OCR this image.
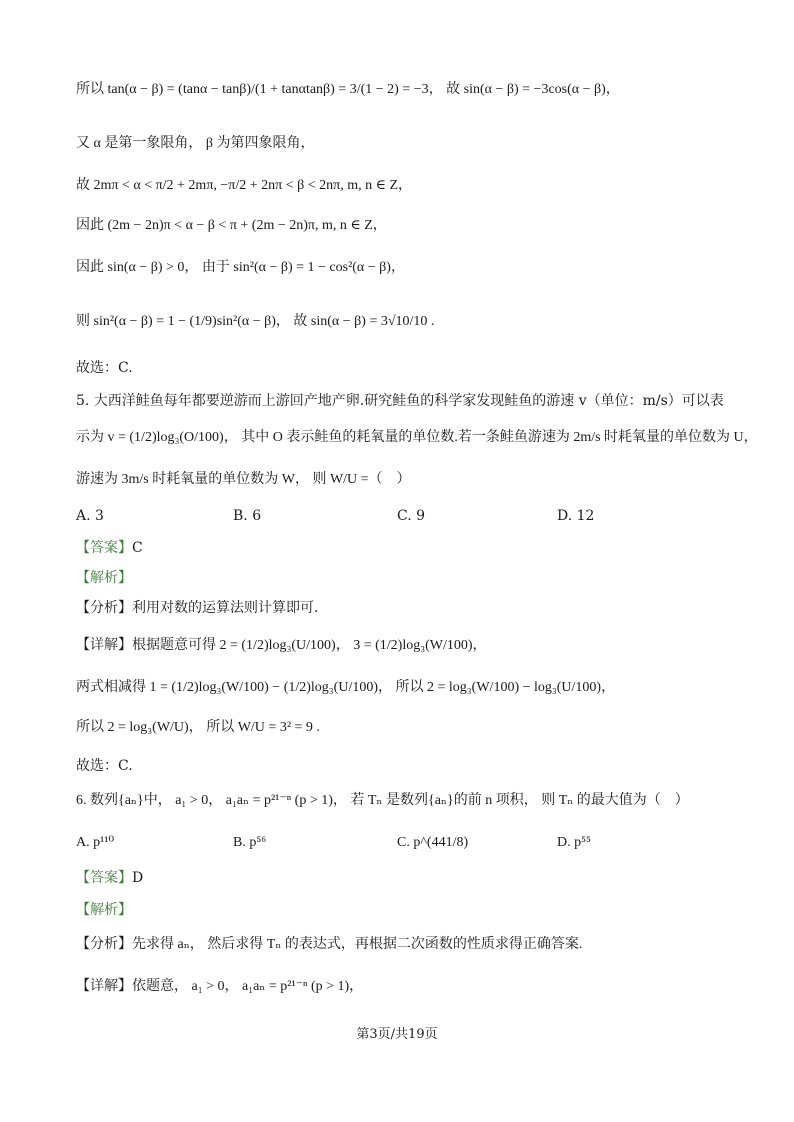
所以 tan(α − β) = (tanα − tanβ)/(1 + tanαtanβ) = 3/(1 − 2) = −3， 故 sin(α − β) = −3cos(α − β)，
又 α 是第一象限角， β 为第四象限角，
故 2mπ < α < π/2 + 2mπ, −π/2 + 2nπ < β < 2nπ, m, n ∈ Z，
因此 (2m − 2n)π < α − β < π + (2m − 2n)π, m, n ∈ Z，
因此 sin(α − β) > 0， 由于 sin²(α − β) = 1 − cos²(α − β)，
则 sin²(α − β) = 1 − (1/9)sin²(α − β)， 故 sin(α − β) = 3√10/10 .
故选：C.
5. 大西洋鲑鱼每年都要逆游而上游回产地产卵.研究鲑鱼的科学家发现鲑鱼的游速 v（单位：m/s）可以表
示为 v = (1/2)log₃(O/100)， 其中 O 表示鲑鱼的耗氧量的单位数.若一条鲑鱼游速为 2m/s 时耗氧量的单位数为 U，
游速为 3m/s 时耗氧量的单位数为 W， 则 W/U =（　）
A. 3	B. 6	C. 9	D. 12
【答案】C
【解析】
【分析】利用对数的运算法则计算即可.
【详解】根据题意可得 2 = (1/2)log₃(U/100)， 3 = (1/2)log₃(W/100)，
两式相减得 1 = (1/2)log₃(W/100) − (1/2)log₃(U/100)， 所以 2 = log₃(W/100) − log₃(U/100)，
所以 2 = log₃(W/U)， 所以 W/U = 3² = 9 .
故选：C.
6. 数列{aₙ}中， a₁ > 0， a₁aₙ = p²¹⁻ⁿ (p > 1)， 若 Tₙ 是数列{aₙ}的前 n 项积， 则 Tₙ 的最大值为（　）
A. p¹¹⁰	B. p⁵⁶	C. p^(441/8)	D. p⁵⁵
【答案】D
【解析】
【分析】先求得 aₙ， 然后求得 Tₙ 的表达式，再根据二次函数的性质求得正确答案.
【详解】依题意， a₁ > 0， a₁aₙ = p²¹⁻ⁿ (p > 1)，
第3页/共19页
